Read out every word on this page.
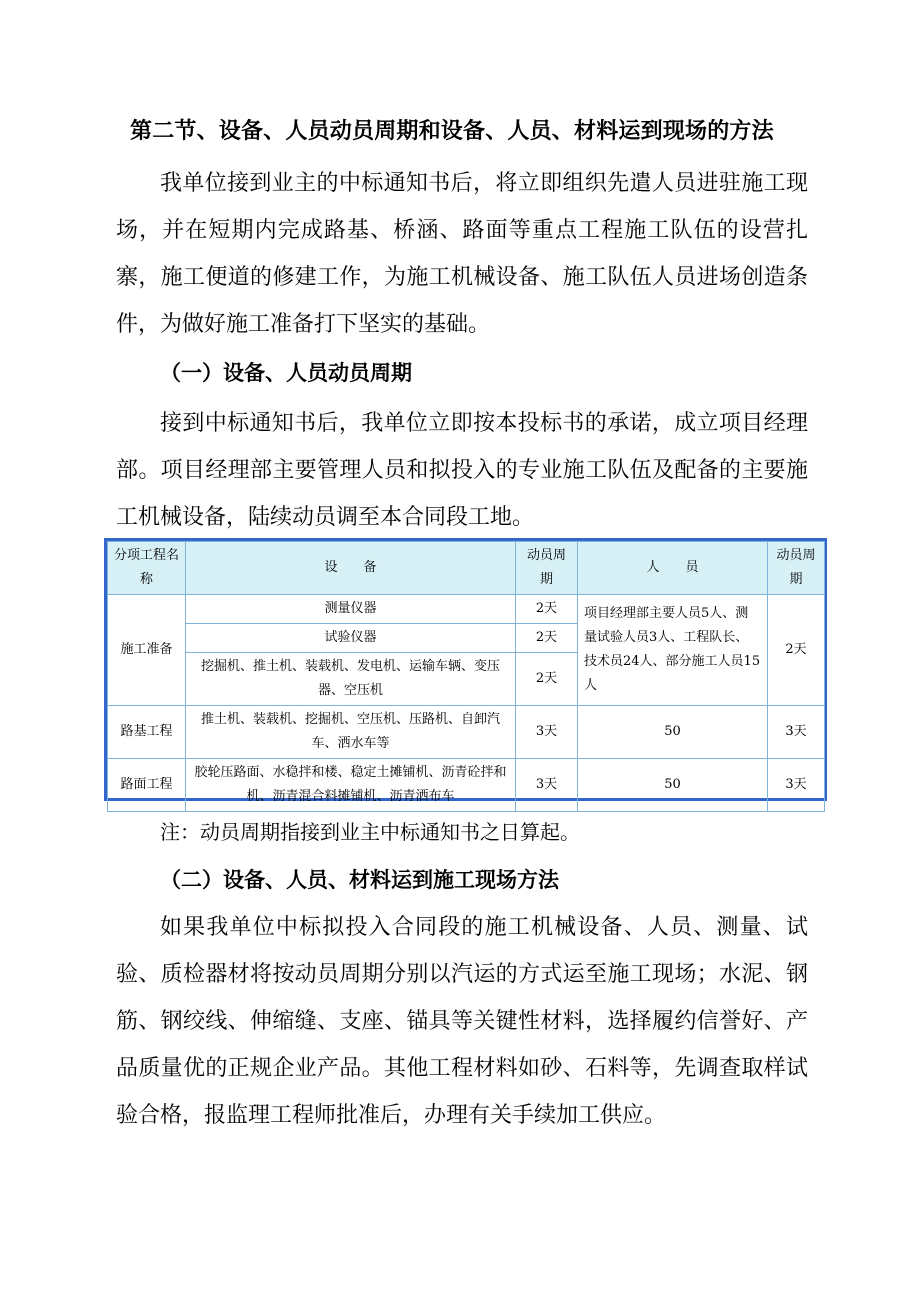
第二节、设备、人员动员周期和设备、人员、材料运到现场的方法
我单位接到业主的中标通知书后，将立即组织先遣人员进驻施工现场，并在短期内完成路基、桥涵、路面等重点工程施工队伍的设营扎寨，施工便道的修建工作，为施工机械设备、施工队伍人员进场创造条件，为做好施工准备打下坚实的基础。
（一）设备、人员动员周期
接到中标通知书后，我单位立即按本投标书的承诺，成立项目经理部。项目经理部主要管理人员和拟投入的专业施工队伍及配备的主要施工机械设备，陆续动员调至本合同段工地。
分项工程名称	设　　备	动员周期	人　　员	动员周期
施工准备	测量仪器	2天	项目经理部主要人员5人、测量试验人员3人、工程队长、技术员24人、部分施工人员15人	2天
	试验仪器	2天		
	挖掘机、推土机、装载机、发电机、运输车辆、变压器、空压机	2天		
路基工程	推土机、装载机、挖掘机、空压机、压路机、自卸汽车、洒水车等	3天	50	3天
路面工程	胶轮压路面、水稳拌和楼、稳定土摊铺机、沥青砼拌和机、沥青混合料摊铺机、沥青洒布车	3天	50	3天
注：动员周期指接到业主中标通知书之日算起。
（二）设备、人员、材料运到施工现场方法
如果我单位中标拟投入合同段的施工机械设备、人员、测量、试验、质检器材将按动员周期分别以汽运的方式运至施工现场；水泥、钢筋、钢绞线、伸缩缝、支座、锚具等关键性材料，选择履约信誉好、产品质量优的正规企业产品。其他工程材料如砂、石料等，先调查取样试验合格，报监理工程师批准后，办理有关手续加工供应。
